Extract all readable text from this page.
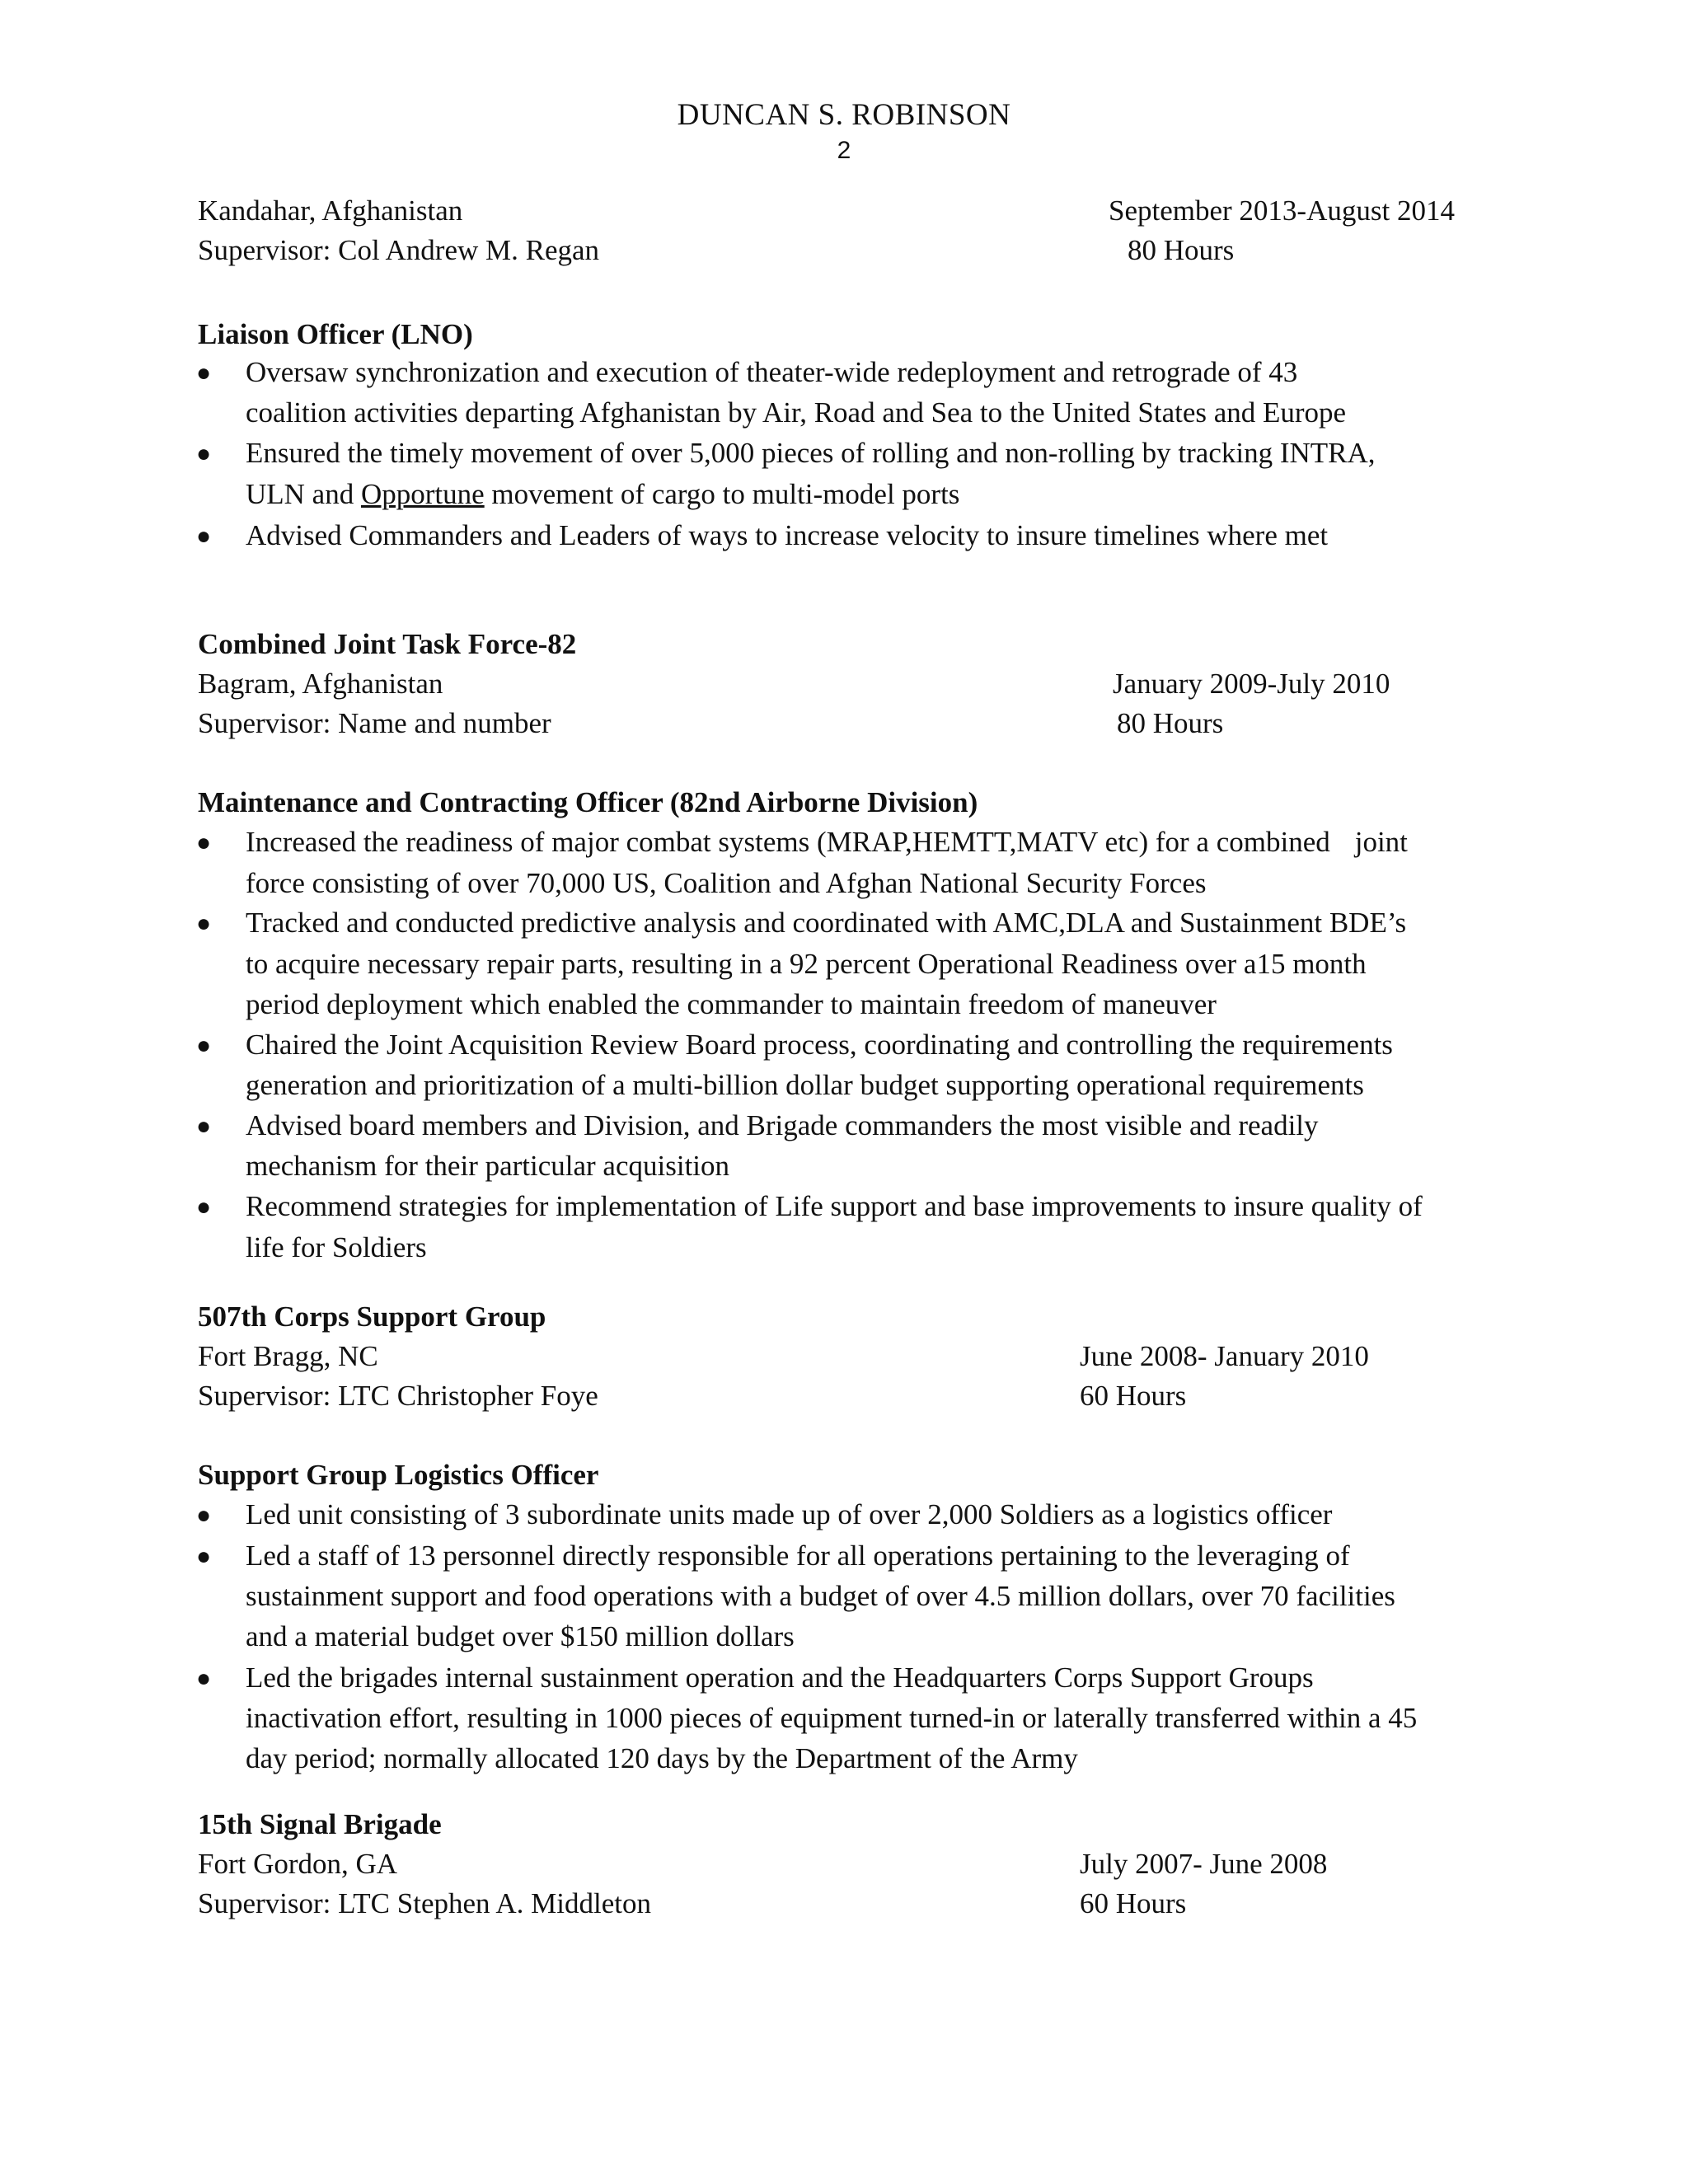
DUNCAN S. ROBINSON
2
Kandahar, Afghanistan	September 2013-August 2014
Supervisor: Col Andrew M. Regan	80 Hours
Liaison Officer (LNO)
● Oversaw synchronization and execution of theater-wide redeployment and retrograde of 43
coalition activities departing Afghanistan by Air, Road and Sea to the United States and Europe
● Ensured the timely movement of over 5,000 pieces of rolling and non-rolling by tracking INTRA,
ULN and Opportune movement of cargo to multi-model ports
● Advised Commanders and Leaders of ways to increase velocity to insure timelines where met
Combined Joint Task Force-82
Bagram, Afghanistan	January 2009-July 2010
Supervisor: Name and number	80 Hours
Maintenance and Contracting Officer (82nd Airborne Division)
● Increased the readiness of major combat systems (MRAP,HEMTT,MATV etc) for a combined joint
force consisting of over 70,000 US, Coalition and Afghan National Security Forces
● Tracked and conducted predictive analysis and coordinated with AMC,DLA and Sustainment BDE’s
to acquire necessary repair parts, resulting in a 92 percent Operational Readiness over a15 month
period deployment which enabled the commander to maintain freedom of maneuver
● Chaired the Joint Acquisition Review Board process, coordinating and controlling the requirements
generation and prioritization of a multi-billion dollar budget supporting operational requirements
● Advised board members and Division, and Brigade commanders the most visible and readily
mechanism for their particular acquisition
● Recommend strategies for implementation of Life support and base improvements to insure quality of
life for Soldiers
507th Corps Support Group
Fort Bragg, NC	June 2008- January 2010
Supervisor: LTC Christopher Foye	60 Hours
Support Group Logistics Officer
● Led unit consisting of 3 subordinate units made up of over 2,000 Soldiers as a logistics officer
● Led a staff of 13 personnel directly responsible for all operations pertaining to the leveraging of
sustainment support and food operations with a budget of over 4.5 million dollars, over 70 facilities
and a material budget over $150 million dollars
● Led the brigades internal sustainment operation and the Headquarters Corps Support Groups
inactivation effort, resulting in 1000 pieces of equipment turned-in or laterally transferred within a 45
day period; normally allocated 120 days by the Department of the Army
15th Signal Brigade
Fort Gordon, GA	July 2007- June 2008
Supervisor: LTC Stephen A. Middleton	60 Hours
